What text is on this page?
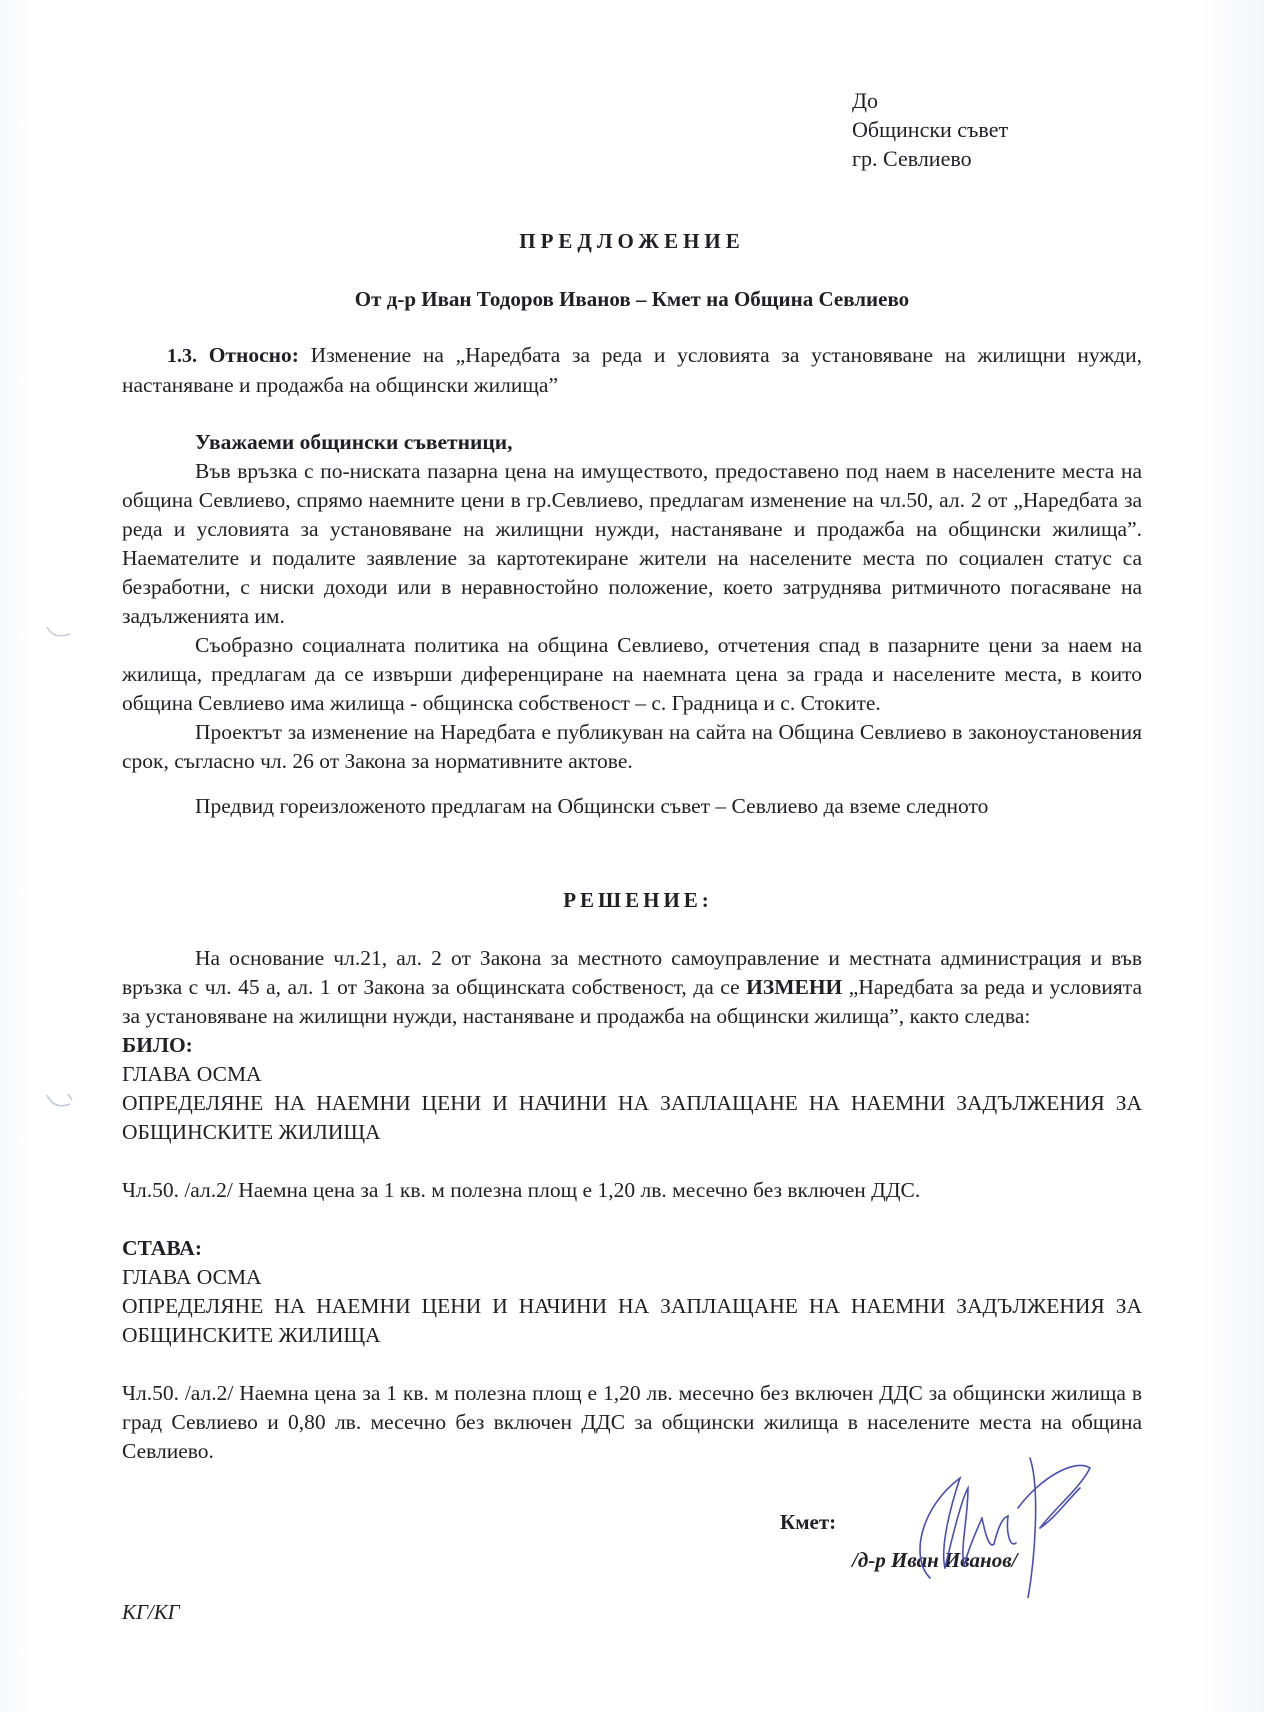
До
Общински съвет
гр. Севлиево
ПРЕДЛОЖЕНИЕ
От д-р Иван Тодоров Иванов – Кмет на Община Севлиево

1.3. Относно: Изменение на „Наредбата за реда и условията за установяване на жилищни нужди, настаняване и продажба на общински жилища”

Уважаеми общински съветници,

Във връзка с по-ниската пазарна цена на имуществото, предоставено под наем в населените места на община Севлиево, спрямо наемните цени в гр.Севлиево, предлагам изменение на чл.50, ал. 2 от „Наредбата за реда и условията за установяване на жилищни нужди, настаняване и продажба на общински жилища”. Наемателите и подалите заявление за картотекиране жители на населените места по социален статус са безработни, с ниски доходи или в неравностойно положение, което затруднява ритмичното погасяване на задълженията им.

Съобразно социалната политика на община Севлиево, отчетения спад в пазарните цени за наем на жилища, предлагам да се извърши диференциране на наемната цена за града и населените места, в които община Севлиево има жилища - общинска собственост – с. Градница и с. Стоките.

Проектът за изменение на Наредбата е публикуван на сайта на Община Севлиево в законоустановения срок, съгласно чл. 26 от Закона за нормативните актове.

Предвид гореизложеното предлагам на Общински съвет – Севлиево да вземе следното

РЕШЕНИЕ:

На основание чл.21, ал. 2 от Закона за местното самоуправление и местната администрация и във връзка с чл. 45 а, ал. 1 от Закона за общинската собственост, да се ИЗМЕНИ „Наредбата за реда и условията за установяване на жилищни нужди, настаняване и продажба на общински жилища”, както следва:

БИЛО:

ГЛАВА ОСМА

ОПРЕДЕЛЯНЕ НА НАЕМНИ ЦЕНИ И НАЧИНИ НА ЗАПЛАЩАНЕ НА НАЕМНИ ЗАДЪЛЖЕНИЯ ЗА ОБЩИНСКИТЕ ЖИЛИЩА

Чл.50. /ал.2/ Наемна цена за 1 кв. м полезна площ е 1,20 лв. месечно без включен ДДС.

СТАВА:

ГЛАВА ОСМА

ОПРЕДЕЛЯНЕ НА НАЕМНИ ЦЕНИ И НАЧИНИ НА ЗАПЛАЩАНЕ НА НАЕМНИ ЗАДЪЛЖЕНИЯ ЗА ОБЩИНСКИТЕ ЖИЛИЩА

Чл.50. /ал.2/ Наемна цена за 1 кв. м полезна площ е 1,20 лв. месечно без включен ДДС за общински жилища в град Севлиево и 0,80 лв. месечно без включен ДДС за общински жилища в населените места на община Севлиево.

Кмет:
/д-р Иван Иванов/
КГ/КГ
